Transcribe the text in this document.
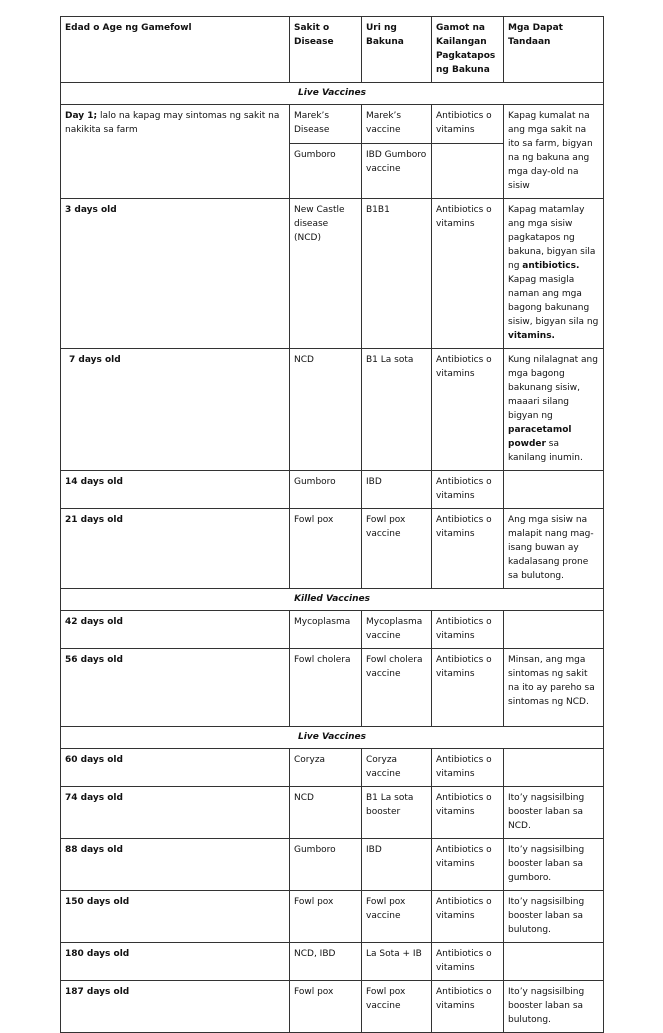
Edad o Age ng Gamefowl	Sakit o Disease	Uri ng Bakuna	Gamot na Kailangan Pagkatapos ng Bakuna	Mga Dapat Tandaan
Live Vaccines				
Day 1; lalo na kapag may sintomas ng sakit na nakikita sa farm	Marek’s Disease	Marek’s vaccine	Antibiotics o vitamins	Kapag kumalat na ang mga sakit na ito sa farm, bigyan na ng bakuna ang mga day-old na sisiw
	Gumboro	IBD Gumboro vaccine		
3 days old	New Castle disease (NCD)	B1B1	Antibiotics o vitamins	Kapag matamlay ang mga sisiw pagkatapos ng bakuna, bigyan sila ng antibiotics. Kapag masigla naman ang mga bagong bakunang sisiw, bigyan sila ng vitamins.
7 days old	NCD	B1 La sota	Antibiotics o vitamins	Kung nilalagnat ang mga bagong bakunang sisiw, maaari silang bigyan ng paracetamol powder sa kanilang inumin.
14 days old	Gumboro	IBD	Antibiotics o vitamins	
21 days old	Fowl pox	Fowl pox vaccine	Antibiotics o vitamins	Ang mga sisiw na malapit nang mag-isang buwan ay kadalasang prone sa bulutong.
Killed Vaccines				
42 days old	Mycoplasma	Mycoplasma vaccine	Antibiotics o vitamins	
56 days old	Fowl cholera	Fowl cholera vaccine	Antibiotics o vitamins	Minsan, ang mga sintomas ng sakit na ito ay pareho sa sintomas ng NCD.
Live Vaccines				
60 days old	Coryza	Coryza vaccine	Antibiotics o vitamins	
74 days old	NCD	B1 La sota booster	Antibiotics o vitamins	Ito’y nagsisilbing booster laban sa NCD.
88 days old	Gumboro	IBD	Antibiotics o vitamins	Ito’y nagsisilbing booster laban sa gumboro.
150 days old	Fowl pox	Fowl pox vaccine	Antibiotics o vitamins	Ito’y nagsisilbing booster laban sa bulutong.
180 days old	NCD, IBD	La Sota + IB	Antibiotics o vitamins	
187 days old	Fowl pox	Fowl pox vaccine	Antibiotics o vitamins	Ito’y nagsisilbing booster laban sa bulutong.
